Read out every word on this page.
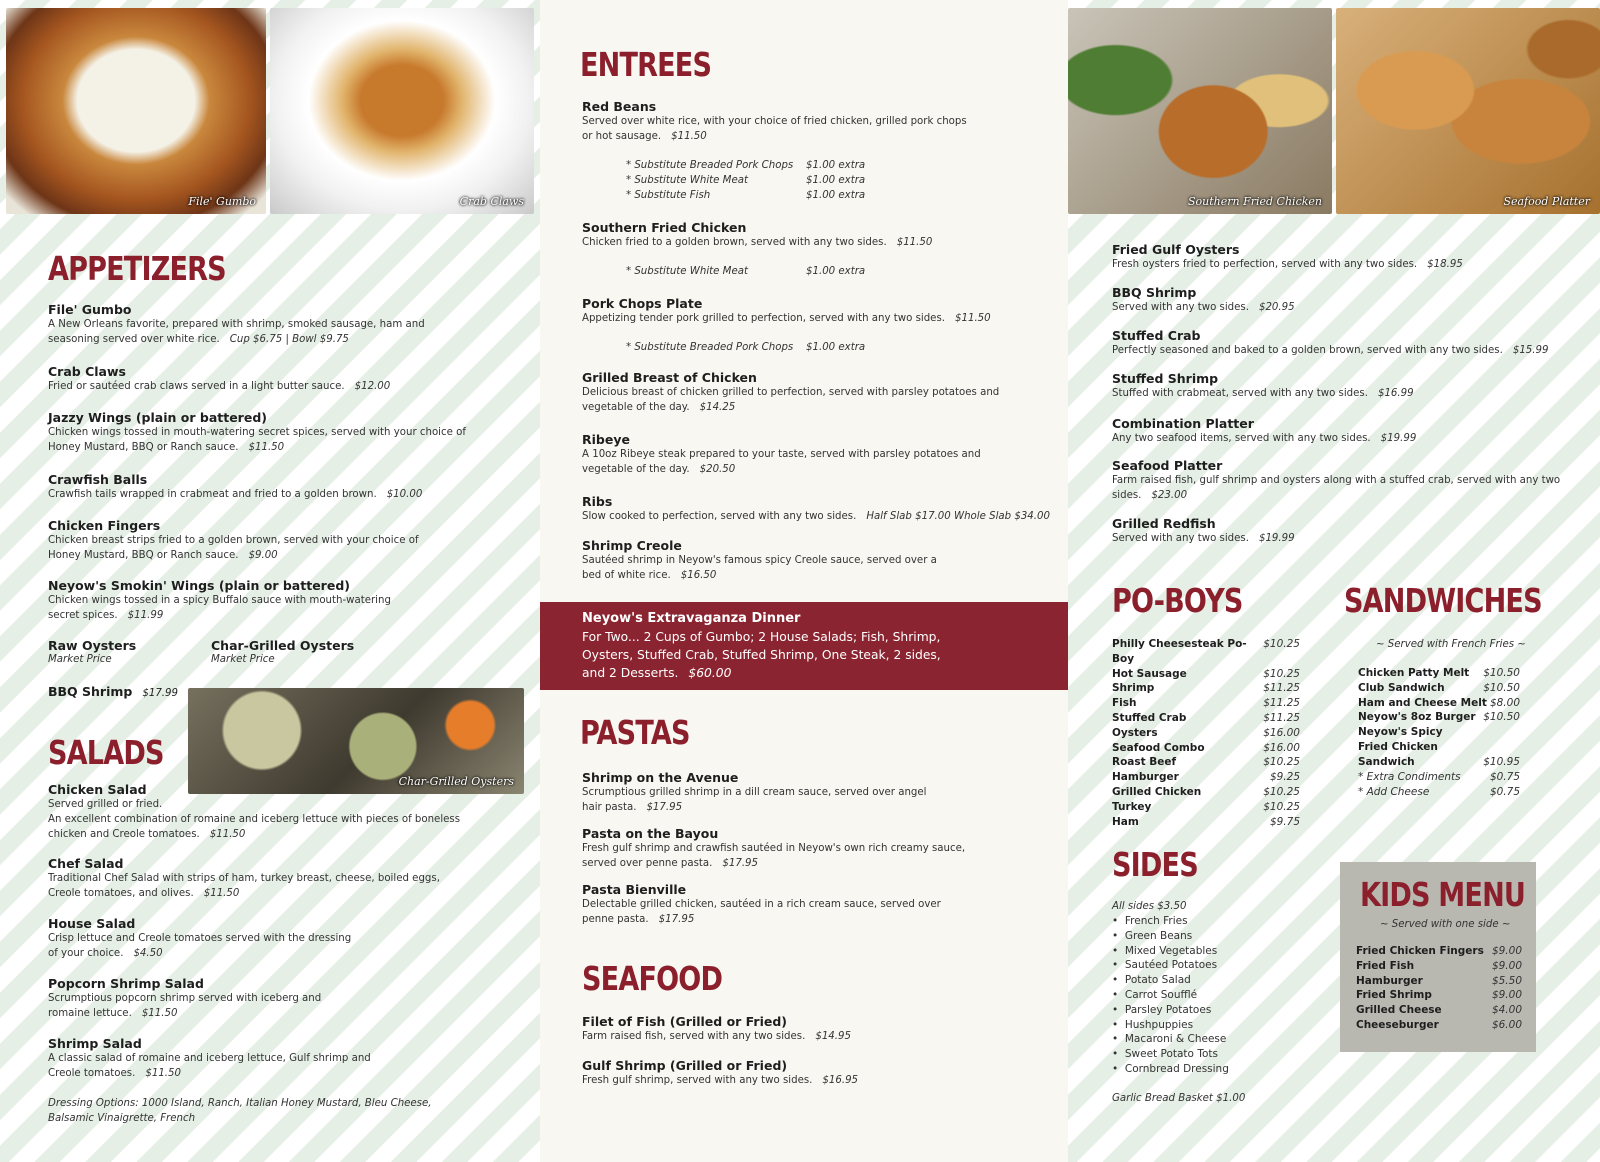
File' Gumbo	Crab Claws
APPETIZERS
File' Gumbo
A New Orleans favorite, prepared with shrimp, smoked sausage, ham and seasoning served over white rice. Cup $6.75 | Bowl $9.75
Crab Claws
Fried or sautéed crab claws served in a light butter sauce. $12.00
Jazzy Wings (plain or battered)
Chicken wings tossed in mouth-watering secret spices, served with your choice of Honey Mustard, BBQ or Ranch sauce. $11.50
Crawfish Balls
Crawfish tails wrapped in crabmeat and fried to a golden brown. $10.00
Chicken Fingers
Chicken breast strips fried to a golden brown, served with your choice of Honey Mustard, BBQ or Ranch sauce. $9.00
Neyow's Smokin' Wings (plain or battered)
Chicken wings tossed in a spicy Buffalo sauce with mouth-watering secret spices. $11.99
Raw Oysters
Market Price
Char-Grilled Oysters
Market Price
BBQ Shrimp $17.99
Char-Grilled Oysters
SALADS
Chicken Salad
Served grilled or fried.
An excellent combination of romaine and iceberg lettuce with pieces of boneless chicken and Creole tomatoes. $11.50
Chef Salad
Traditional Chef Salad with strips of ham, turkey breast, cheese, boiled eggs, Creole tomatoes, and olives. $11.50
House Salad
Crisp lettuce and Creole tomatoes served with the dressing of your choice. $4.50
Popcorn Shrimp Salad
Scrumptious popcorn shrimp served with iceberg and romaine lettuce. $11.50
Shrimp Salad
A classic salad of romaine and iceberg lettuce, Gulf shrimp and Creole tomatoes. $11.50
Dressing Options: 1000 Island, Ranch, Italian Honey Mustard, Bleu Cheese, Balsamic Vinaigrette, French
ENTREES
Red Beans
Served over white rice, with your choice of fried chicken, grilled pork chops or hot sausage. $11.50
* Substitute Breaded Pork Chops $1.00 extra
* Substitute White Meat	$1.00 extra
* Substitute Fish	$1.00 extra
Southern Fried Chicken
Chicken fried to a golden brown, served with any two sides. $11.50
* Substitute White Meat	$1.00 extra
Pork Chops Plate
Appetizing tender pork grilled to perfection, served with any two sides. $11.50
* Substitute Breaded Pork Chops $1.00 extra
Grilled Breast of Chicken
Delicious breast of chicken grilled to perfection, served with parsley potatoes and vegetable of the day. $14.25
Ribeye
A 10oz Ribeye steak prepared to your taste, served with parsley potatoes and vegetable of the day. $20.50
Ribs
Slow cooked to perfection, served with any two sides. Half Slab $17.00 Whole Slab $34.00
Shrimp Creole
Sautéed shrimp in Neyow's famous spicy Creole sauce, served over a bed of white rice. $16.50
Neyow's Extravaganza Dinner
For Two... 2 Cups of Gumbo; 2 House Salads; Fish, Shrimp, Oysters, Stuffed Crab, Stuffed Shrimp, One Steak, 2 sides, and 2 Desserts. $60.00
PASTAS
Shrimp on the Avenue
Scrumptious grilled shrimp in a dill cream sauce, served over angel hair pasta. $17.95
Pasta on the Bayou
Fresh gulf shrimp and crawfish sautéed in Neyow's own rich creamy sauce, served over penne pasta. $17.95
Pasta Bienville
Delectable grilled chicken, sautéed in a rich cream sauce, served over penne pasta. $17.95
SEAFOOD
Filet of Fish (Grilled or Fried)
Farm raised fish, served with any two sides. $14.95
Gulf Shrimp (Grilled or Fried)
Fresh gulf shrimp, served with any two sides. $16.95
Southern Fried Chicken	Seafood Platter
Fried Gulf Oysters
Fresh oysters fried to perfection, served with any two sides. $18.95
BBQ Shrimp
Served with any two sides. $20.95
Stuffed Crab
Perfectly seasoned and baked to a golden brown, served with any two sides. $15.99
Stuffed Shrimp
Stuffed with crabmeat, served with any two sides. $16.99
Combination Platter
Any two seafood items, served with any two sides. $19.99
Seafood Platter
Farm raised fish, gulf shrimp and oysters along with a stuffed crab, served with any two sides. $23.00
Grilled Redfish
Served with any two sides. $19.99
PO-BOYS
Philly Cheesesteak Po-Boy
$10.25
Hot Sausage	$10.25
Shrimp	$11.25
Fish	$11.25
Stuffed Crab	$11.25
Oysters	$16.00
Seafood Combo	$16.00
Roast Beef	$10.25
Hamburger	$9.25
Grilled Chicken	$10.25
Turkey	$10.25
Ham	$9.75
SANDWICHES
~ Served with French Fries ~
Chicken Patty Melt $10.50
Club Sandwich	$10.50
Ham and Cheese Melt $8.00
Neyow's 8oz Burger $10.50
Neyow's Spicy Fried Chicken Sandwich	$10.95
* Extra Condiments	$0.75
* Add Cheese	$0.75
SIDES
All sides $3.50
•  French Fries
•  Green Beans
•  Mixed Vegetables
•  Sautéed Potatoes
•  Potato Salad
•  Carrot Soufflé
•  Parsley Potatoes
•  Hushpuppies
•  Macaroni & Cheese
•  Sweet Potato Tots
•  Cornbread Dressing
Garlic Bread Basket $1.00
KIDS MENU
~ Served with one side ~
Fried Chicken Fingers $9.00
Fried Fish	$9.00
Hamburger	$5.50
Fried Shrimp	$9.00
Grilled Cheese	$4.00
Cheeseburger	$6.00
